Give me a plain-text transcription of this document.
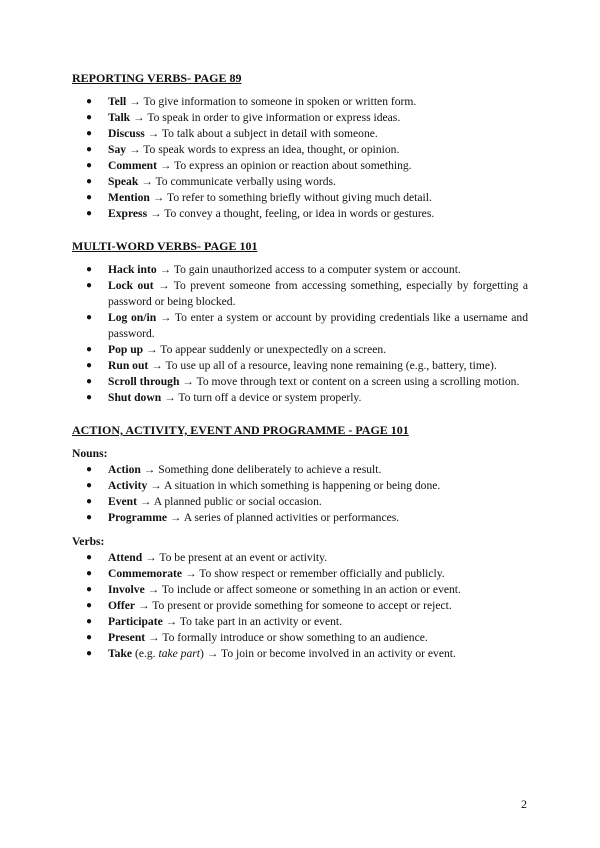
REPORTING VERBS- PAGE 89
● Tell → To give information to someone in spoken or written form.
● Talk → To speak in order to give information or express ideas.
● Discuss → To talk about a subject in detail with someone.
● Say → To speak words to express an idea, thought, or opinion.
● Comment → To express an opinion or reaction about something.
● Speak → To communicate verbally using words.
● Mention → To refer to something briefly without giving much detail.
● Express → To convey a thought, feeling, or idea in words or gestures.
MULTI-WORD VERBS- PAGE 101
● Hack into → To gain unauthorized access to a computer system or account.
● Lock out → To prevent someone from accessing something, especially by forgetting a password or being blocked.
● Log on/in → To enter a system or account by providing credentials like a username and password.
● Pop up → To appear suddenly or unexpectedly on a screen.
● Run out → To use up all of a resource, leaving none remaining (e.g., battery, time).
● Scroll through → To move through text or content on a screen using a scrolling motion.
● Shut down → To turn off a device or system properly.
ACTION, ACTIVITY, EVENT AND PROGRAMME - PAGE 101
Nouns:
● Action → Something done deliberately to achieve a result.
● Activity → A situation in which something is happening or being done.
● Event → A planned public or social occasion.
● Programme → A series of planned activities or performances.
Verbs:
● Attend → To be present at an event or activity.
● Commemorate → To show respect or remember officially and publicly.
● Involve → To include or affect someone or something in an action or event.
● Offer → To present or provide something for someone to accept or reject.
● Participate → To take part in an activity or event.
● Present → To formally introduce or show something to an audience.
● Take (e.g. take part) → To join or become involved in an activity or event.
2
